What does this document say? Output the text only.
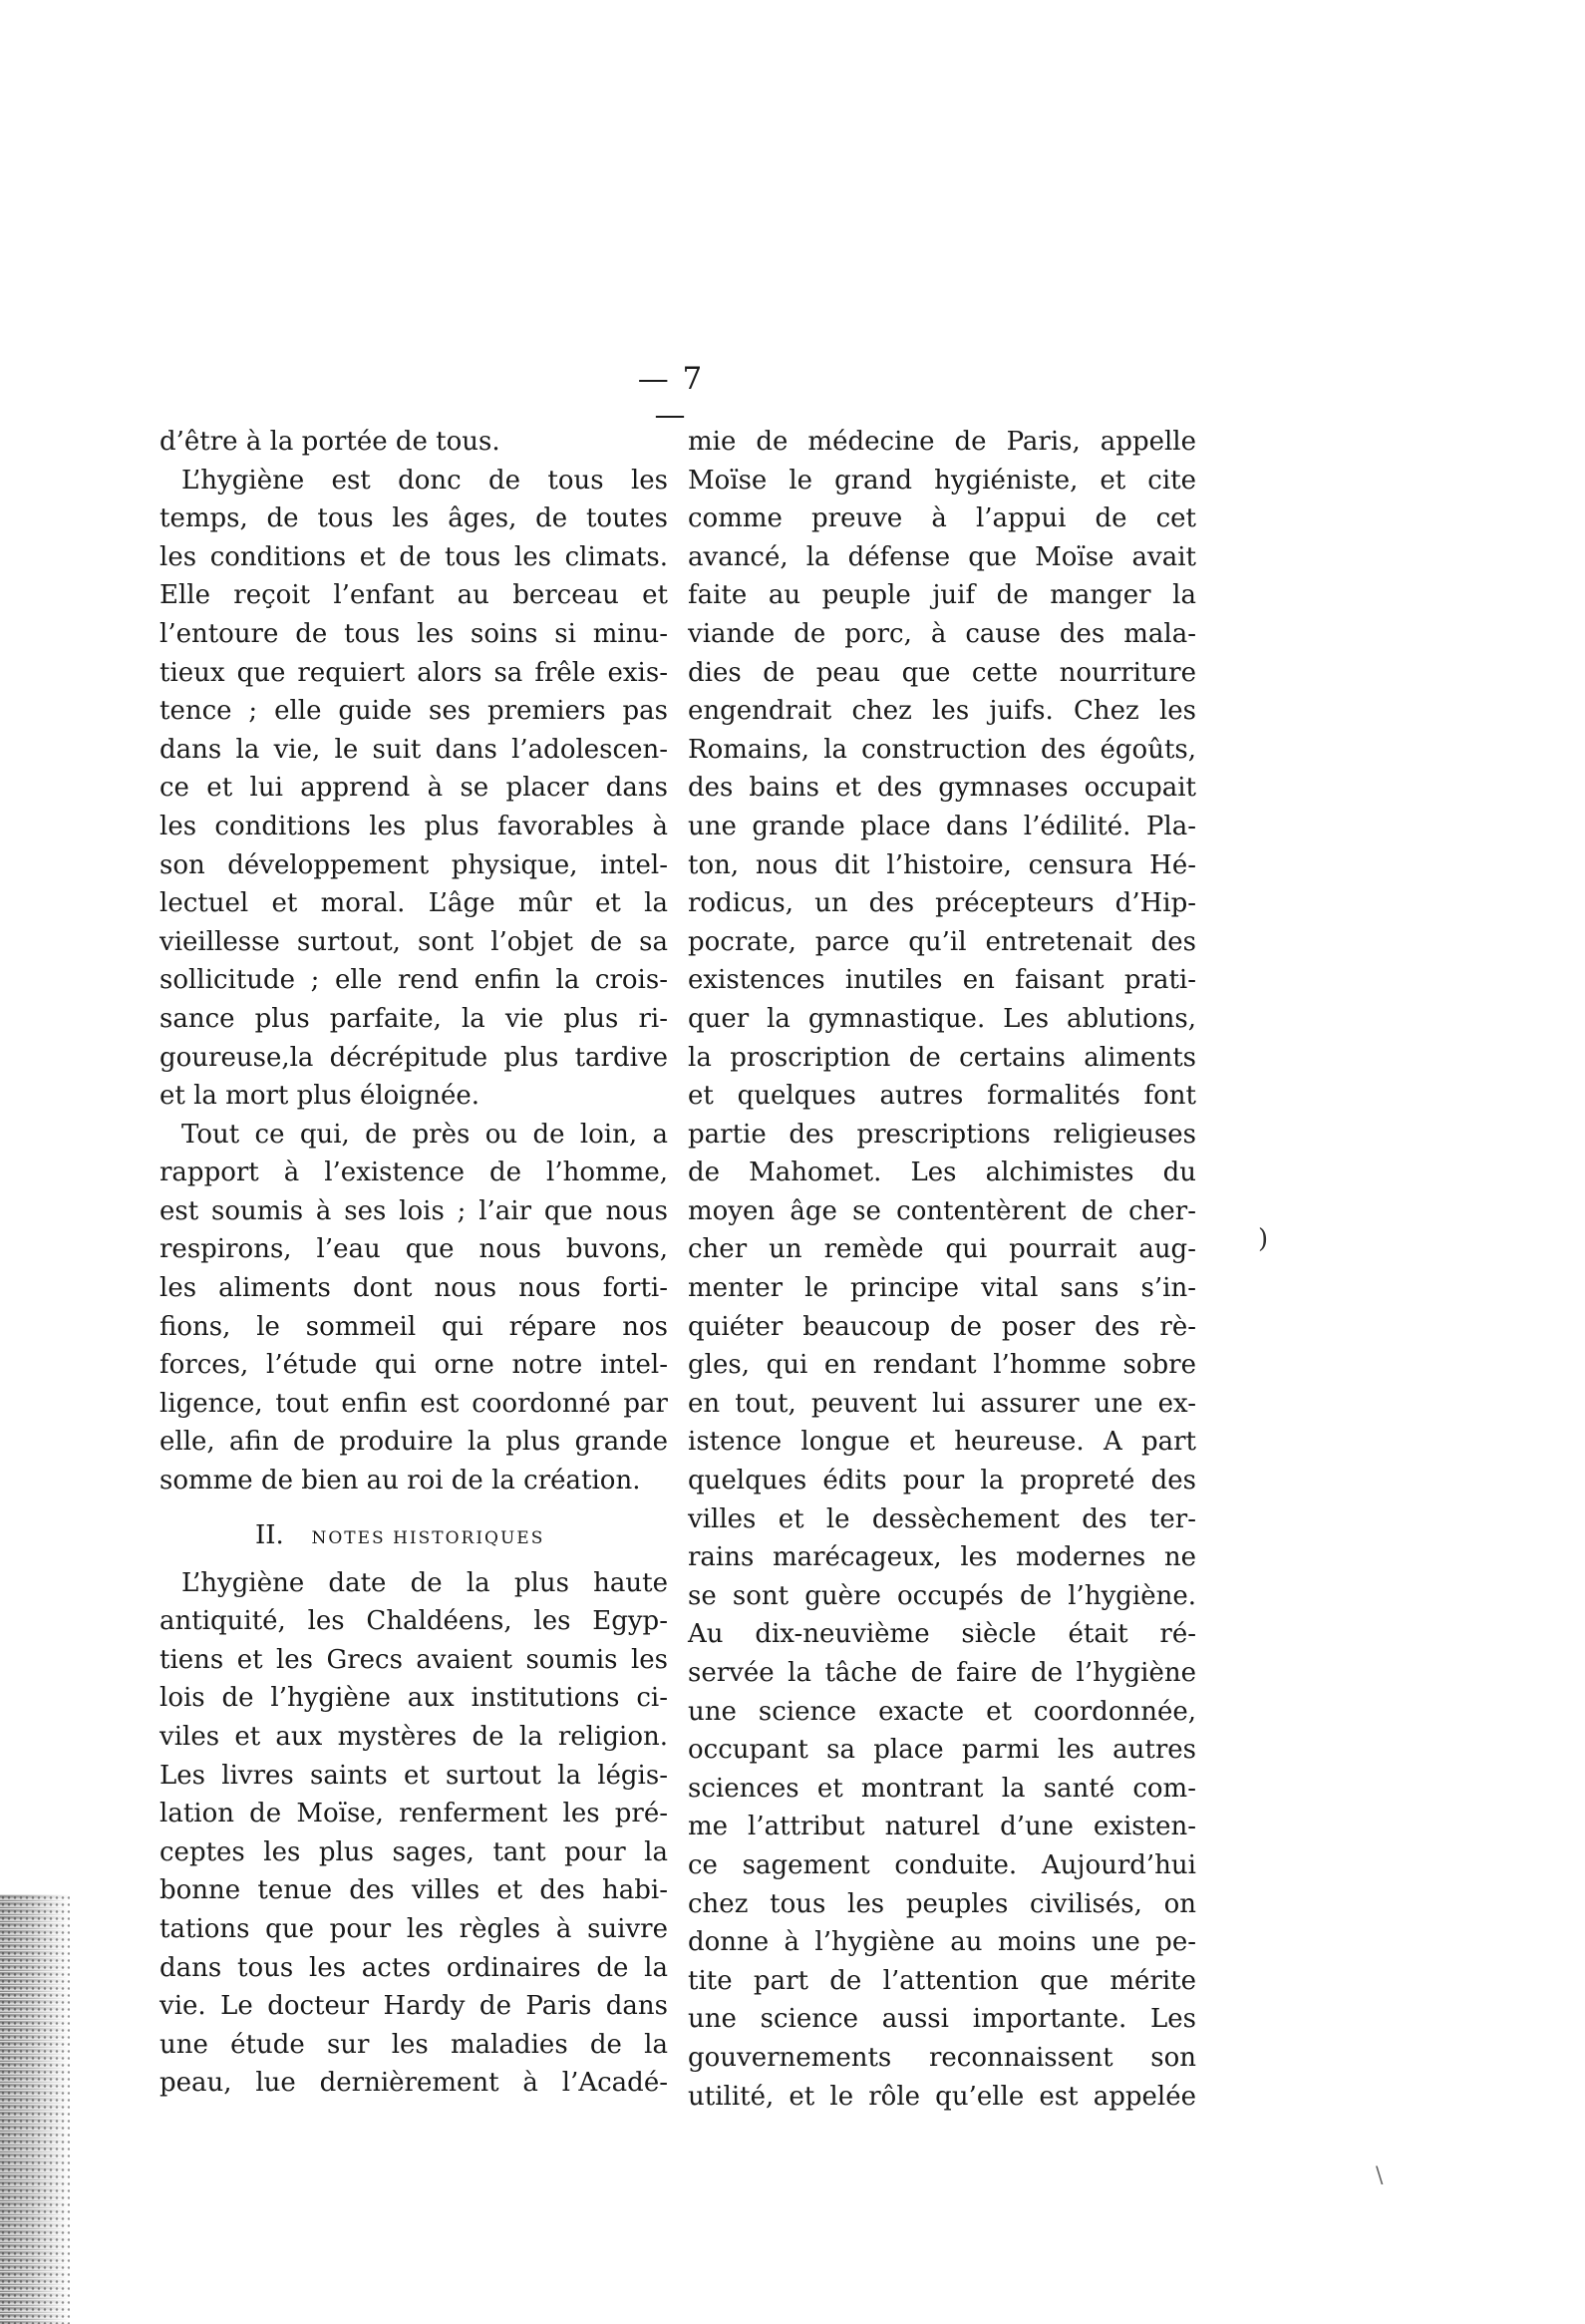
— 7 —
d’être à la portée de tous.
L’hygiène est donc de tous les
temps, de tous les âges, de toutes
les conditions et de tous les climats.
Elle reçoit l’enfant au berceau et
l’entoure de tous les soins si minu-
tieux que requiert alors sa frêle exis-
tence ; elle guide ses premiers pas
dans la vie, le suit dans l’adolescen-
ce et lui apprend à se placer dans
les conditions les plus favorables à
son développement physique, intel-
lectuel et moral. L’âge mûr et la
vieillesse surtout, sont l’objet de sa
sollicitude ; elle rend enfin la crois-
sance plus parfaite, la vie plus ri-
goureuse,la décrépitude plus tardive
et la mort plus éloignée.
Tout ce qui, de près ou de loin, a
rapport à l’existence de l’homme,
est soumis à ses lois ; l’air que nous
respirons, l’eau que nous buvons,
les aliments dont nous nous forti-
fions, le sommeil qui répare nos
forces, l’étude qui orne notre intel-
ligence, tout enfin est coordonné par
elle, afin de produire la plus grande
somme de bien au roi de la création.
II. NOTES HISTORIQUES
L’hygiène date de la plus haute
antiquité, les Chaldéens, les Egyp-
tiens et les Grecs avaient soumis les
lois de l’hygiène aux institutions ci-
viles et aux mystères de la religion.
Les livres saints et surtout la légis-
lation de Moïse, renferment les pré-
ceptes les plus sages, tant pour la
bonne tenue des villes et des habi-
tations que pour les règles à suivre
dans tous les actes ordinaires de la
vie. Le docteur Hardy de Paris dans
une étude sur les maladies de la
peau, lue dernièrement à l’Acadé-
mie de médecine de Paris, appelle
Moïse le grand hygiéniste, et cite
comme preuve à l’appui de cet
avancé, la défense que Moïse avait
faite au peuple juif de manger la
viande de porc, à cause des mala-
dies de peau que cette nourriture
engendrait chez les juifs. Chez les
Romains, la construction des égoûts,
des bains et des gymnases occupait
une grande place dans l’édilité. Pla-
ton, nous dit l’histoire, censura Hé-
rodicus, un des précepteurs d’Hip-
pocrate, parce qu’il entretenait des
existences inutiles en faisant prati-
quer la gymnastique. Les ablutions,
la proscription de certains aliments
et quelques autres formalités font
partie des prescriptions religieuses
de Mahomet. Les alchimistes du
moyen âge se contentèrent de cher-
cher un remède qui pourrait aug-
menter le principe vital sans s’in-
quiéter beaucoup de poser des rè-
gles, qui en rendant l’homme sobre
en tout, peuvent lui assurer une ex-
istence longue et heureuse. A part
quelques édits pour la propreté des
villes et le dessèchement des ter-
rains marécageux, les modernes ne
se sont guère occupés de l’hygiène.
Au dix-neuvième siècle était ré-
servée la tâche de faire de l’hygiène
une science exacte et coordonnée,
occupant sa place parmi les autres
sciences et montrant la santé com-
me l’attribut naturel d’une existen-
ce sagement conduite. Aujourd’hui
chez tous les peuples civilisés, on
donne à l’hygiène au moins une pe-
tite part de l’attention que mérite
une science aussi importante. Les
gouvernements reconnaissent son
utilité, et le rôle qu’elle est appelée
)
\
